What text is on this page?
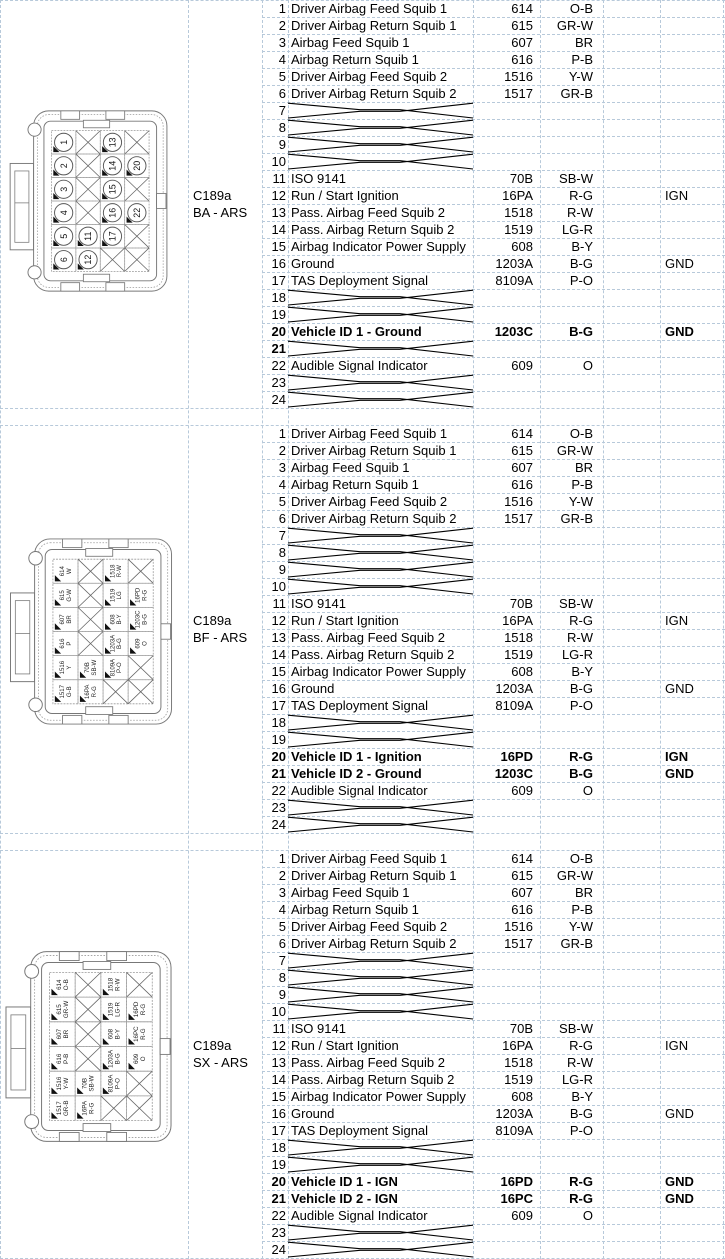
1	13
2	14 20
3	15
4	16 22
5 11 17
6 12
C189a
BA - ARS
1 Driver Airbag Feed Squib 1	614	O-B
2 Driver Airbag Return Squib 1	615	GR-W
3 Airbag Feed Squib 1	607	BR
4 Airbag Return Squib 1	616	P-B
5 Driver Airbag Feed Squib 2	1516	Y-W
6 Driver Airbag Return Squib 2	1517	GR-B
7
8
9
10
11 ISO 9141	70B	SB-W
12 Run / Start Ignition	16PA	R-G	IGN
13 Pass. Airbag Feed Squib 2	1518	R-W
14 Pass. Airbag Return Squib 2	1519	LG-R
15 Airbag Indicator Power Supply	608	B-Y
16 Ground	1203A	B-G	GND
17 TAS Deployment Signal	8109A	P-O
18
19
20 Vehicle ID 1 - Ground	1203C	B-G	GND
21
22 Audible Signal Indicator	609	O
23
24
614 W	1518 R-W
615 G-W	1519 LG 16PD R-G
607 BR	608 B-Y 1203C B-G
616 P	1203A B-G 609 O
1516 Y 70B SB-W 8109A P-O
1517 G-B 16PA R-G
C189a
BF - ARS
1 Driver Airbag Feed Squib 1	614	O-B
2 Driver Airbag Return Squib 1	615	GR-W
3 Airbag Feed Squib 1	607	BR
4 Airbag Return Squib 1	616	P-B
5 Driver Airbag Feed Squib 2	1516	Y-W
6 Driver Airbag Return Squib 2	1517	GR-B
7
8
9
10
11 ISO 9141	70B	SB-W
12 Run / Start Ignition	16PA	R-G	IGN
13 Pass. Airbag Feed Squib 2	1518	R-W
14 Pass. Airbag Return Squib 2	1519	LG-R
15 Airbag Indicator Power Supply	608	B-Y
16 Ground	1203A	B-G	GND
17 TAS Deployment Signal	8109A	P-O
18
19
20 Vehicle ID 1 - Ignition	16PD	R-G	IGN
21 Vehicle ID 2 - Ground	1203C	B-G	GND
22 Audible Signal Indicator	609	O
23
24
614 O-B	1518 R-W
615 GR-W	1519 LG-R 16PD R-G
607 BR	608 B-Y 16PC R-G
616 P-B	1203A B-G 609 O
1516 Y-W 70B SB-W 8109A P-O
1517 GR-B 16PA R-G
C189a
SX - ARS
1 Driver Airbag Feed Squib 1	614	O-B
2 Driver Airbag Return Squib 1	615	GR-W
3 Airbag Feed Squib 1	607	BR
4 Airbag Return Squib 1	616	P-B
5 Driver Airbag Feed Squib 2	1516	Y-W
6 Driver Airbag Return Squib 2	1517	GR-B
7
8
9
10
11 ISO 9141	70B	SB-W
12 Run / Start Ignition	16PA	R-G	IGN
13 Pass. Airbag Feed Squib 2	1518	R-W
14 Pass. Airbag Return Squib 2	1519	LG-R
15 Airbag Indicator Power Supply	608	B-Y
16 Ground	1203A	B-G	GND
17 TAS Deployment Signal	8109A	P-O
18
19
20 Vehicle ID 1 - IGN	16PD	R-G	GND
21 Vehicle ID 2 - IGN	16PC	R-G	GND
22 Audible Signal Indicator	609	O
23
24
